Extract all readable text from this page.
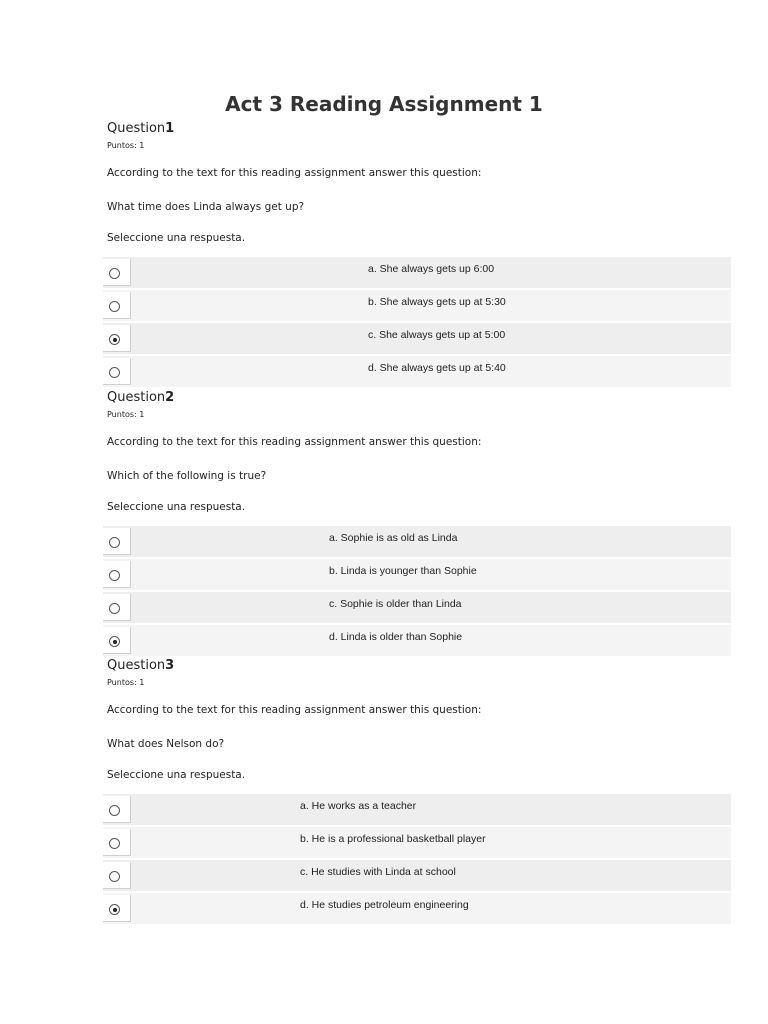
Act 3 Reading Assignment 1
Question1
Puntos: 1
According to the text for this reading assignment answer this question:
What time does Linda always get up?
Seleccione una respuesta.
a. She always gets up 6:00
b. She always gets up at 5:30
c. She always gets up at 5:00
d. She always gets up at 5:40
Question2
Puntos: 1
According to the text for this reading assignment answer this question:
Which of the following is true?
Seleccione una respuesta.
a. Sophie is as old as Linda
b. Linda is younger than Sophie
c. Sophie is older than Linda
d. Linda is older than Sophie
Question3
Puntos: 1
According to the text for this reading assignment answer this question:
What does Nelson do?
Seleccione una respuesta.
a. He works as a teacher
b. He is a professional basketball player
c. He studies with Linda at school
d. He studies petroleum engineering
